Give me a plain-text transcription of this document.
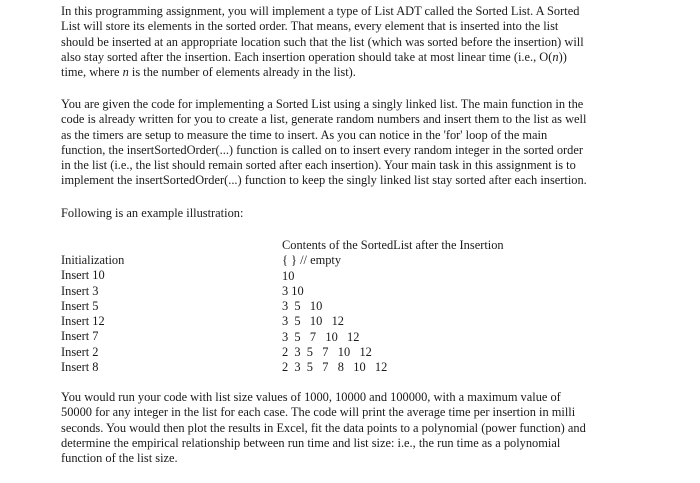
In this programming assignment, you will implement a type of List ADT called the Sorted List. A Sorted
List will store its elements in the sorted order. That means, every element that is inserted into the list
should be inserted at an appropriate location such that the list (which was sorted before the insertion) will
also stay sorted after the insertion. Each insertion operation should take at most linear time (i.e., O(n))
time, where n is the number of elements already in the list).

You are given the code for implementing a Sorted List using a singly linked list. The main function in the
code is already written for you to create a list, generate random numbers and insert them to the list as well
as the timers are setup to measure the time to insert. As you can notice in the 'for' loop of the main
function, the insertSortedOrder(...) function is called on to insert every random integer in the sorted order
in the list (i.e., the list should remain sorted after each insertion). Your main task in this assignment is to
implement the insertSortedOrder(...) function to keep the singly linked list stay sorted after each insertion.

Following is an example illustration:

Initialization
Insert 10
Insert 3
Insert 5
Insert 12
Insert 7
Insert 2
Insert 8
Contents of the SortedList after the Insertion
{ } // empty
10
3 10
3  5   10
3  5   10   12
3  5   7   10   12
2  3  5   7   10   12
2  3  5   7   8   10   12

You would run your code with list size values of 1000, 10000 and 100000, with a maximum value of
50000 for any integer in the list for each case. The code will print the average time per insertion in milli
seconds. You would then plot the results in Excel, fit the data points to a polynomial (power function) and
determine the empirical relationship between run time and list size: i.e., the run time as a polynomial
function of the list size.
